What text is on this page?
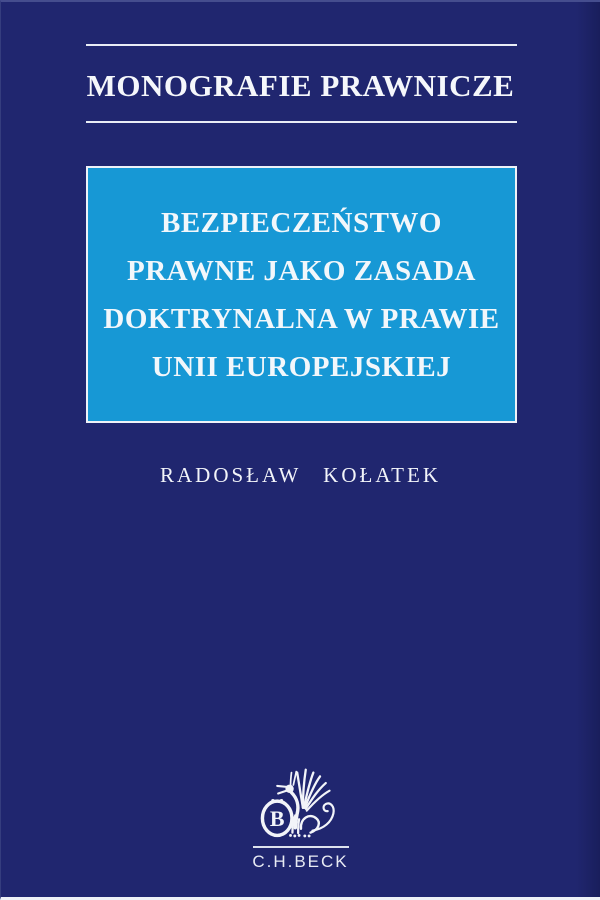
MONOGRAFIE PRAWNICZE
BEZPIECZEŃSTWO
PRAWNE JAKO ZASADA
DOKTRYNALNA W PRAWIE
UNII EUROPEJSKIEJ
RADOSŁAW KOŁATEK
B
C.H.BECK
